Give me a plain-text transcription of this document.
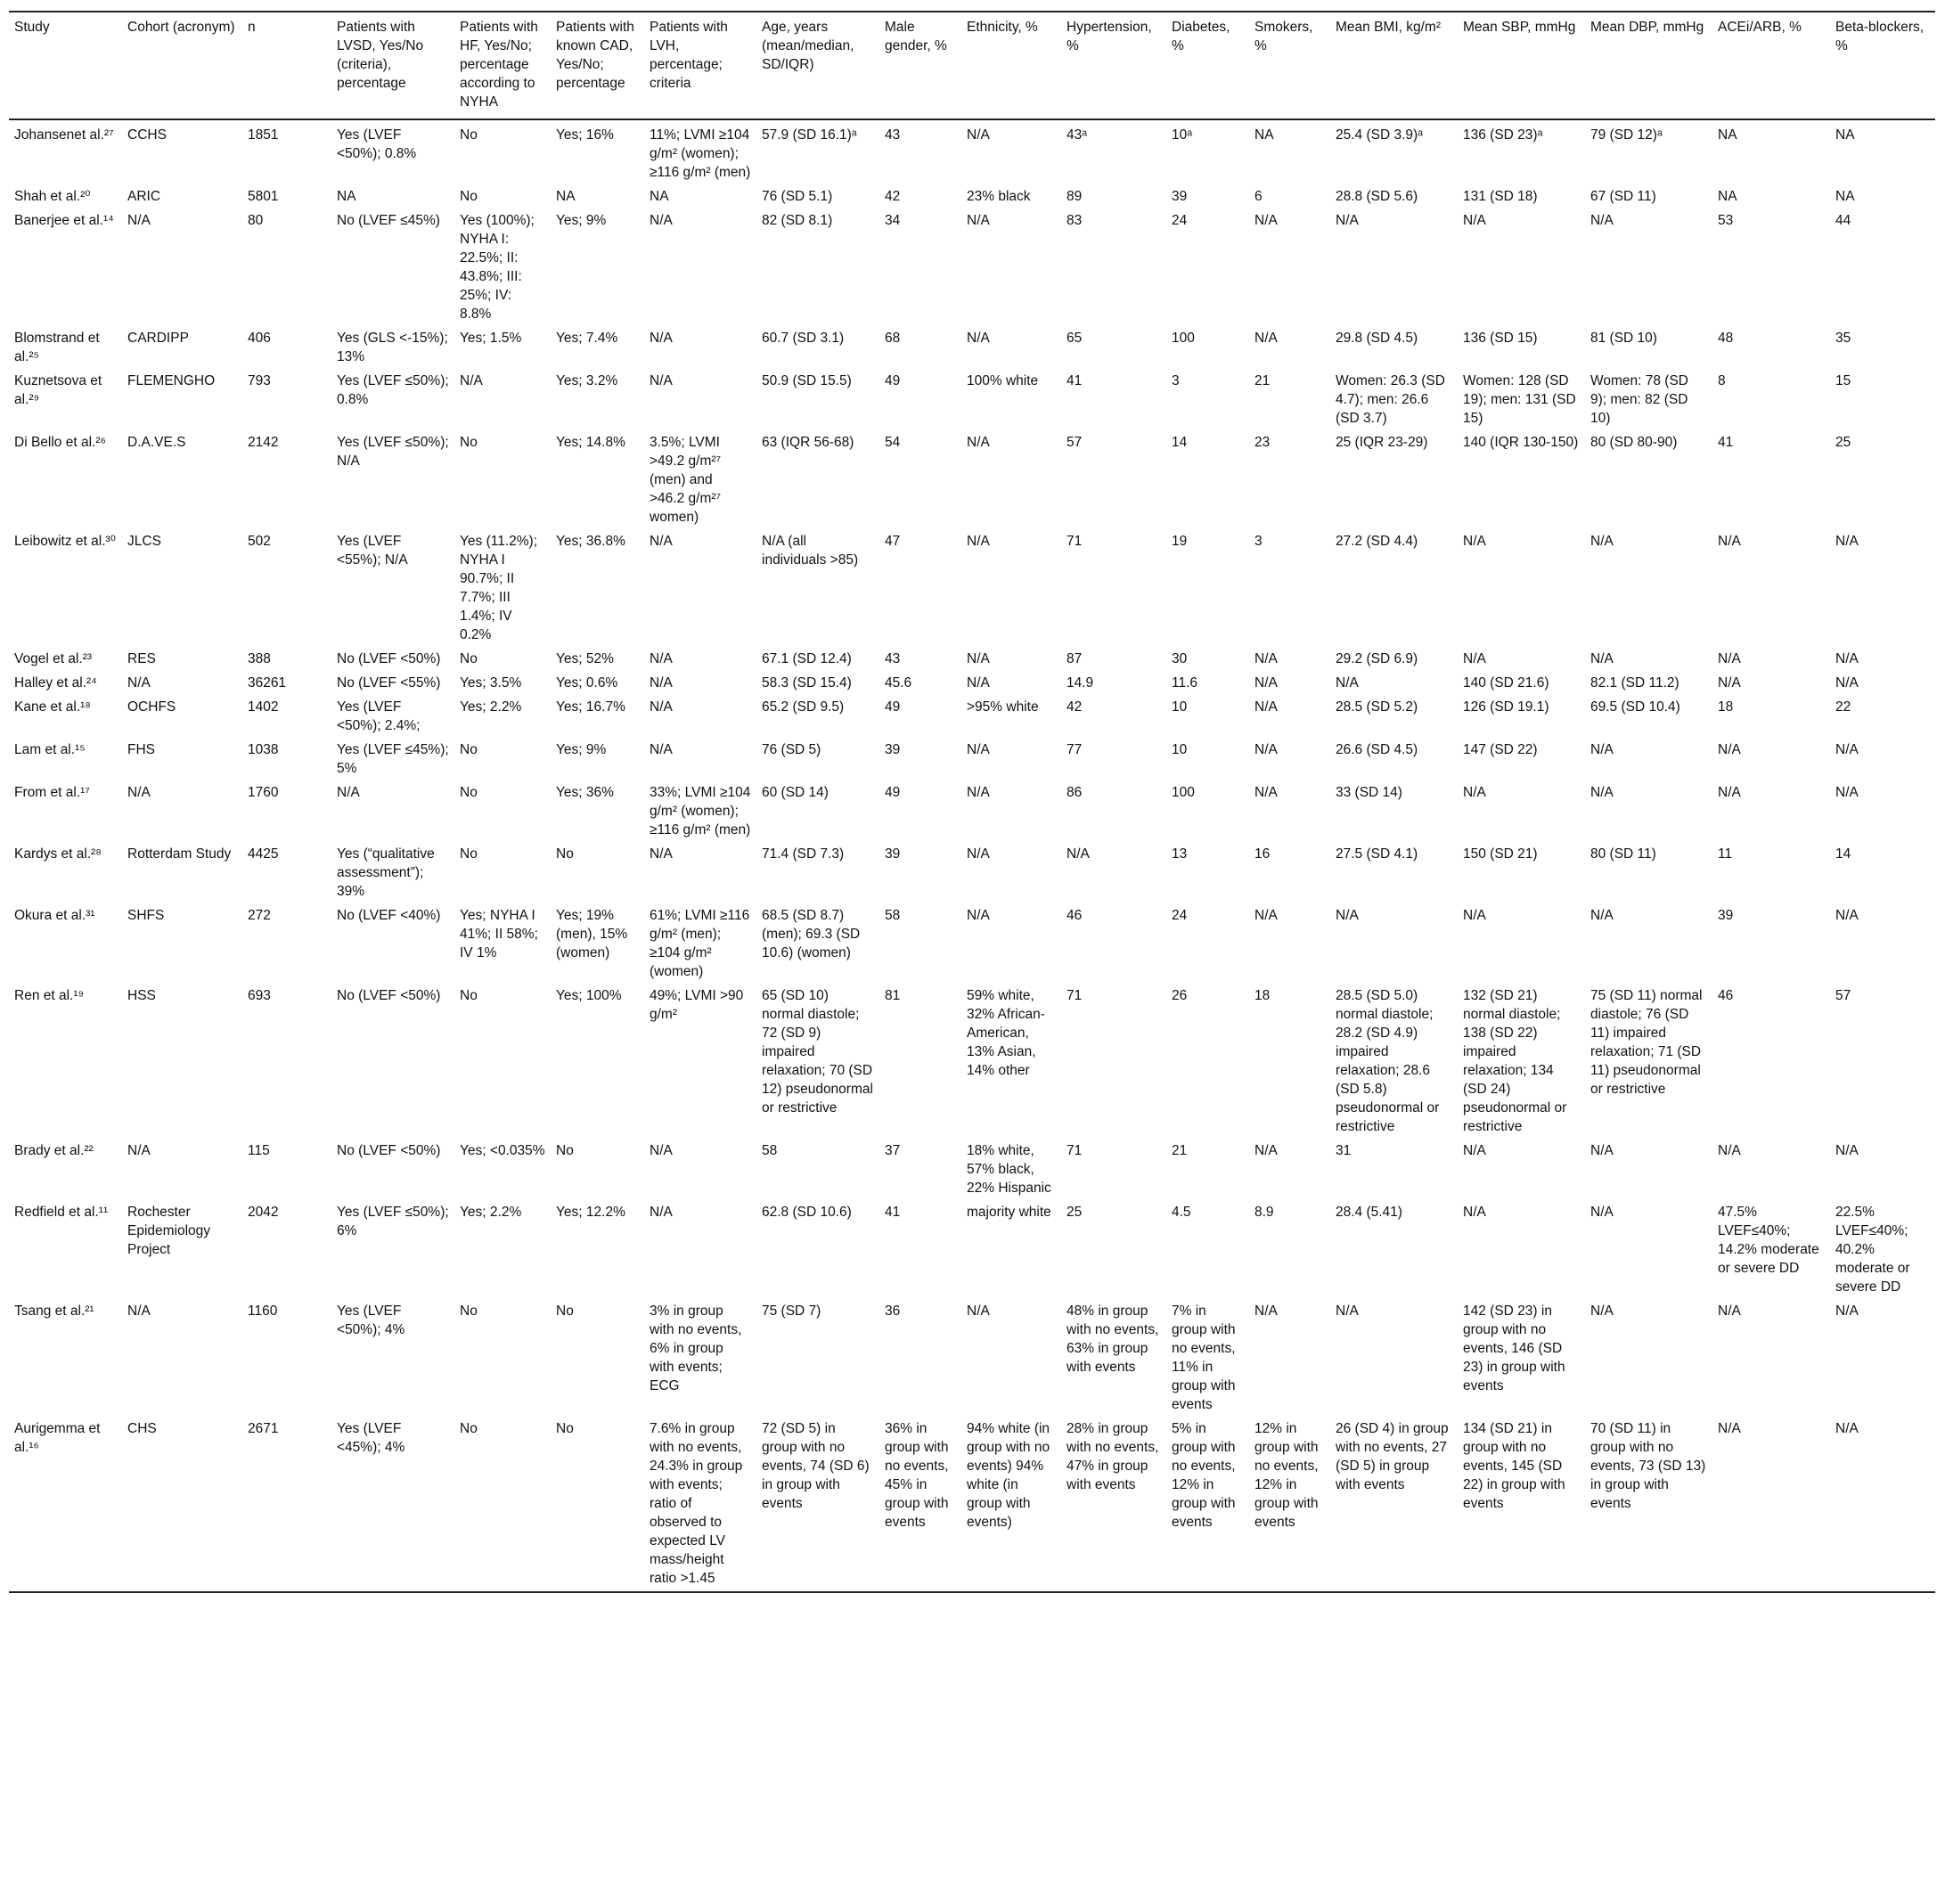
Study	Cohort (acronym)	n	Patients with LVSD, Yes/No (criteria), percentage	Patients with HF, Yes/No; percentage according to NYHA	Patients with known CAD, Yes/No; percentage	Patients with LVH, percentage; criteria	Age, years (mean/median, SD/IQR)	Male gender, %	Ethnicity, %	Hypertension, %	Diabetes, %	Smokers, %	Mean BMI, kg/m²	Mean SBP, mmHg	Mean DBP, mmHg	ACEi/ARB, %	Beta-blockers, %
Johansenet al.²⁷	CCHS	1851	Yes (LVEF <50%); 0.8%	No	Yes; 16%	11%; LVMI ≥104 g/m² (women); ≥116 g/m² (men)	57.9 (SD 16.1)ᵃ	43	N/A	43ᵃ	10ᵃ	NA	25.4 (SD 3.9)ᵃ	136 (SD 23)ᵃ	79 (SD 12)ᵃ	NA	NA
Shah et al.²⁰	ARIC	5801	NA	No	NA	NA	76 (SD 5.1)	42	23% black	89	39	6	28.8 (SD 5.6)	131 (SD 18)	67 (SD 11)	NA	NA
Banerjee et al.¹⁴	N/A	80	No (LVEF ≤45%)	Yes (100%); NYHA I: 22.5%; II: 43.8%; III: 25%; IV: 8.8%	Yes; 9%	N/A	82 (SD 8.1)	34	N/A	83	24	N/A	N/A	N/A	N/A	53	44
Blomstrand et al.²⁵	CARDIPP	406	Yes (GLS <-15%); 13%	Yes; 1.5%	Yes; 7.4%	N/A	60.7 (SD 3.1)	68	N/A	65	100	N/A	29.8 (SD 4.5)	136 (SD 15)	81 (SD 10)	48	35
Kuznetsova et al.²⁹	FLEMENGHO	793	Yes (LVEF ≤50%); 0.8%	N/A	Yes; 3.2%	N/A	50.9 (SD 15.5)	49	100% white	41	3	21	Women: 26.3 (SD 4.7); men: 26.6 (SD 3.7)	Women: 128 (SD 19); men: 131 (SD 15)	Women: 78 (SD 9); men: 82 (SD 10)	8	15
Di Bello et al.²⁶	D.A.VE.S	2142	Yes (LVEF ≤50%); N/A	No	Yes; 14.8%	3.5%; LVMI >49.2 g/m²⁷ (men) and >46.2 g/m²⁷ women)	63 (IQR 56-68)	54	N/A	57	14	23	25 (IQR 23-29)	140 (IQR 130-150)	80 (SD 80-90)	41	25
Leibowitz et al.³⁰	JLCS	502	Yes (LVEF <55%); N/A	Yes (11.2%); NYHA I 90.7%; II 7.7%; III 1.4%; IV 0.2%	Yes; 36.8%	N/A	N/A (all individuals >85)	47	N/A	71	19	3	27.2 (SD 4.4)	N/A	N/A	N/A	N/A
Vogel et al.²³	RES	388	No (LVEF <50%)	No	Yes; 52%	N/A	67.1 (SD 12.4)	43	N/A	87	30	N/A	29.2 (SD 6.9)	N/A	N/A	N/A	N/A
Halley et al.²⁴	N/A	36261	No (LVEF <55%)	Yes; 3.5%	Yes; 0.6%	N/A	58.3 (SD 15.4)	45.6	N/A	14.9	11.6	N/A	N/A	140 (SD 21.6)	82.1 (SD 11.2)	N/A	N/A
Kane et al.¹⁸	OCHFS	1402	Yes (LVEF <50%); 2.4%;	Yes; 2.2%	Yes; 16.7%	N/A	65.2 (SD 9.5)	49	>95% white	42	10	N/A	28.5 (SD 5.2)	126 (SD 19.1)	69.5 (SD 10.4)	18	22
Lam et al.¹⁵	FHS	1038	Yes (LVEF ≤45%); 5%	No	Yes; 9%	N/A	76 (SD 5)	39	N/A	77	10	N/A	26.6 (SD 4.5)	147 (SD 22)	N/A	N/A	N/A
From et al.¹⁷	N/A	1760	N/A	No	Yes; 36%	33%; LVMI ≥104 g/m² (women); ≥116 g/m² (men)	60 (SD 14)	49	N/A	86	100	N/A	33 (SD 14)	N/A	N/A	N/A	N/A
Kardys et al.²⁸	Rotterdam Study	4425	Yes (“qualitative assessment”); 39%	No	No	N/A	71.4 (SD 7.3)	39	N/A	N/A	13	16	27.5 (SD 4.1)	150 (SD 21)	80 (SD 11)	11	14
Okura et al.³¹	SHFS	272	No (LVEF <40%)	Yes; NYHA I 41%; II 58%; IV 1%	Yes; 19% (men), 15% (women)	61%; LVMI ≥116 g/m² (men); ≥104 g/m² (women)	68.5 (SD 8.7) (men); 69.3 (SD 10.6) (women)	58	N/A	46	24	N/A	N/A	N/A	N/A	39	N/A
Ren et al.¹⁹	HSS	693	No (LVEF <50%)	No	Yes; 100%	49%; LVMI >90 g/m²	65 (SD 10) normal diastole; 72 (SD 9) impaired relaxation; 70 (SD 12) pseudonormal or restrictive	81	59% white, 32% African-American, 13% Asian, 14% other	71	26	18	28.5 (SD 5.0) normal diastole; 28.2 (SD 4.9) impaired relaxation; 28.6 (SD 5.8) pseudonormal or restrictive	132 (SD 21) normal diastole; 138 (SD 22) impaired relaxation; 134 (SD 24) pseudonormal or restrictive	75 (SD 11) normal diastole; 76 (SD 11) impaired relaxation; 71 (SD 11) pseudonormal or restrictive	46	57
Brady et al.²²	N/A	115	No (LVEF <50%)	Yes; <0.035%	No	N/A	58	37	18% white, 57% black, 22% Hispanic	71	21	N/A	31	N/A	N/A	N/A	N/A
Redfield et al.¹¹	Rochester Epidemiology Project	2042	Yes (LVEF ≤50%); 6%	Yes; 2.2%	Yes; 12.2%	N/A	62.8 (SD 10.6)	41	majority white	25	4.5	8.9	28.4 (5.41)	N/A	N/A	47.5% LVEF≤40%; 14.2% moderate or severe DD	22.5% LVEF≤40%; 40.2% moderate or severe DD
Tsang et al.²¹	N/A	1160	Yes (LVEF <50%); 4%	No	No	3% in group with no events, 6% in group with events; ECG	75 (SD 7)	36	N/A	48% in group with no events, 63% in group with events	7% in group with no events, 11% in group with events	N/A	N/A	142 (SD 23) in group with no events, 146 (SD 23) in group with events	N/A	N/A	N/A
Aurigemma et al.¹⁶	CHS	2671	Yes (LVEF <45%); 4%	No	No	7.6% in group with no events, 24.3% in group with events; ratio of observed to expected LV mass/height ratio >1.45	72 (SD 5) in group with no events, 74 (SD 6) in group with events	36% in group with no events, 45% in group with events	94% white (in group with no events) 94% white (in group with events)	28% in group with no events, 47% in group with events	5% in group with no events, 12% in group with events	12% in group with no events, 12% in group with events	26 (SD 4) in group with no events, 27 (SD 5) in group with events	134 (SD 21) in group with no events, 145 (SD 22) in group with events	70 (SD 11) in group with no events, 73 (SD 13) in group with events	N/A	N/A
